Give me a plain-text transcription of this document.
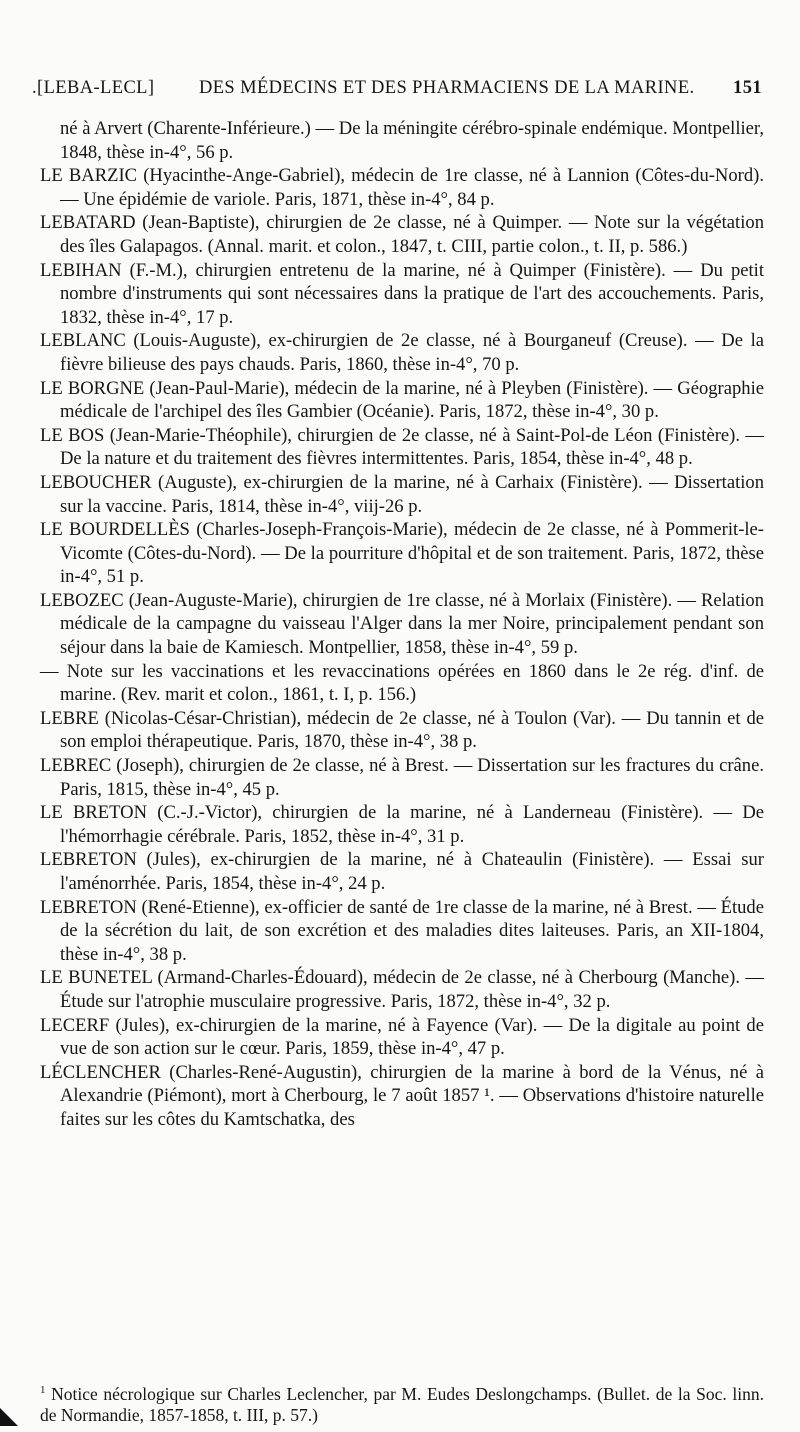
.[LEBA-LECL]	DES MÉDECINS ET DES PHARMACIENS DE LA MARINE.	151

né à Arvert (Charente-Inférieure.) — De la méningite cérébro-spinale endémique. Montpellier, 1848, thèse in-4°, 56 p.

LE BARZIC (Hyacinthe-Ange-Gabriel), médecin de 1re classe, né à Lannion (Côtes-du-Nord). — Une épidémie de variole. Paris, 1871, thèse in-4°, 84 p.

LEBATARD (Jean-Baptiste), chirurgien de 2e classe, né à Quimper. — Note sur la végétation des îles Galapagos. (Annal. marit. et colon., 1847, t. CIII, partie colon., t. II, p. 586.)

LEBIHAN (F.-M.), chirurgien entretenu de la marine, né à Quimper (Finistère). — Du petit nombre d'instruments qui sont nécessaires dans la pratique de l'art des accouchements. Paris, 1832, thèse in-4°, 17 p.

LEBLANC (Louis-Auguste), ex-chirurgien de 2e classe, né à Bourganeuf (Creuse). — De la fièvre bilieuse des pays chauds. Paris, 1860, thèse in-4°, 70 p.

LE BORGNE (Jean-Paul-Marie), médecin de la marine, né à Pleyben (Finistère). — Géographie médicale de l'archipel des îles Gambier (Océanie). Paris, 1872, thèse in-4°, 30 p.

LE BOS (Jean-Marie-Théophile), chirurgien de 2e classe, né à Saint-Pol-de Léon (Finistère). — De la nature et du traitement des fièvres intermittentes. Paris, 1854, thèse in-4°, 48 p.

LEBOUCHER (Auguste), ex-chirurgien de la marine, né à Carhaix (Finistère). — Dissertation sur la vaccine. Paris, 1814, thèse in-4°, viij-26 p.

LE BOURDELLÈS (Charles-Joseph-François-Marie), médecin de 2e classe, né à Pommerit-le-Vicomte (Côtes-du-Nord). — De la pourriture d'hôpital et de son traitement. Paris, 1872, thèse in-4°, 51 p.

LEBOZEC (Jean-Auguste-Marie), chirurgien de 1re classe, né à Morlaix (Finistère). — Relation médicale de la campagne du vaisseau l'Alger dans la mer Noire, principalement pendant son séjour dans la baie de Kamiesch. Montpellier, 1858, thèse in-4°, 59 p.

— Note sur les vaccinations et les revaccinations opérées en 1860 dans le 2e rég. d'inf. de marine. (Rev. marit et colon., 1861, t. I, p. 156.)

LEBRE (Nicolas-César-Christian), médecin de 2e classe, né à Toulon (Var). — Du tannin et de son emploi thérapeutique. Paris, 1870, thèse in-4°, 38 p.

LEBREC (Joseph), chirurgien de 2e classe, né à Brest. — Dissertation sur les fractures du crâne. Paris, 1815, thèse in-4°, 45 p.

LE BRETON (C.-J.-Victor), chirurgien de la marine, né à Landerneau (Finistère). — De l'hémorrhagie cérébrale. Paris, 1852, thèse in-4°, 31 p.

LEBRETON (Jules), ex-chirurgien de la marine, né à Chateaulin (Finistère). — Essai sur l'aménorrhée. Paris, 1854, thèse in-4°, 24 p.

LEBRETON (René-Etienne), ex-officier de santé de 1re classe de la marine, né à Brest. — Étude de la sécrétion du lait, de son excrétion et des maladies dites laiteuses. Paris, an XII-1804, thèse in-4°, 38 p.

LE BUNETEL (Armand-Charles-Édouard), médecin de 2e classe, né à Cherbourg (Manche). — Étude sur l'atrophie musculaire progressive. Paris, 1872, thèse in-4°, 32 p.

LECERF (Jules), ex-chirurgien de la marine, né à Fayence (Var). — De la digitale au point de vue de son action sur le cœur. Paris, 1859, thèse in-4°, 47 p.

LÉCLENCHER (Charles-René-Augustin), chirurgien de la marine à bord de la Vénus, né à Alexandrie (Piémont), mort à Cherbourg, le 7 août 1857 ¹. — Observations d'histoire naturelle faites sur les côtes du Kamtschatka, des

$^1$ Notice nécrologique sur Charles Leclencher, par M. Eudes Deslongchamps. (Bullet. de la Soc. linn. de Normandie, 1857-1858, t. III, p. 57.)
